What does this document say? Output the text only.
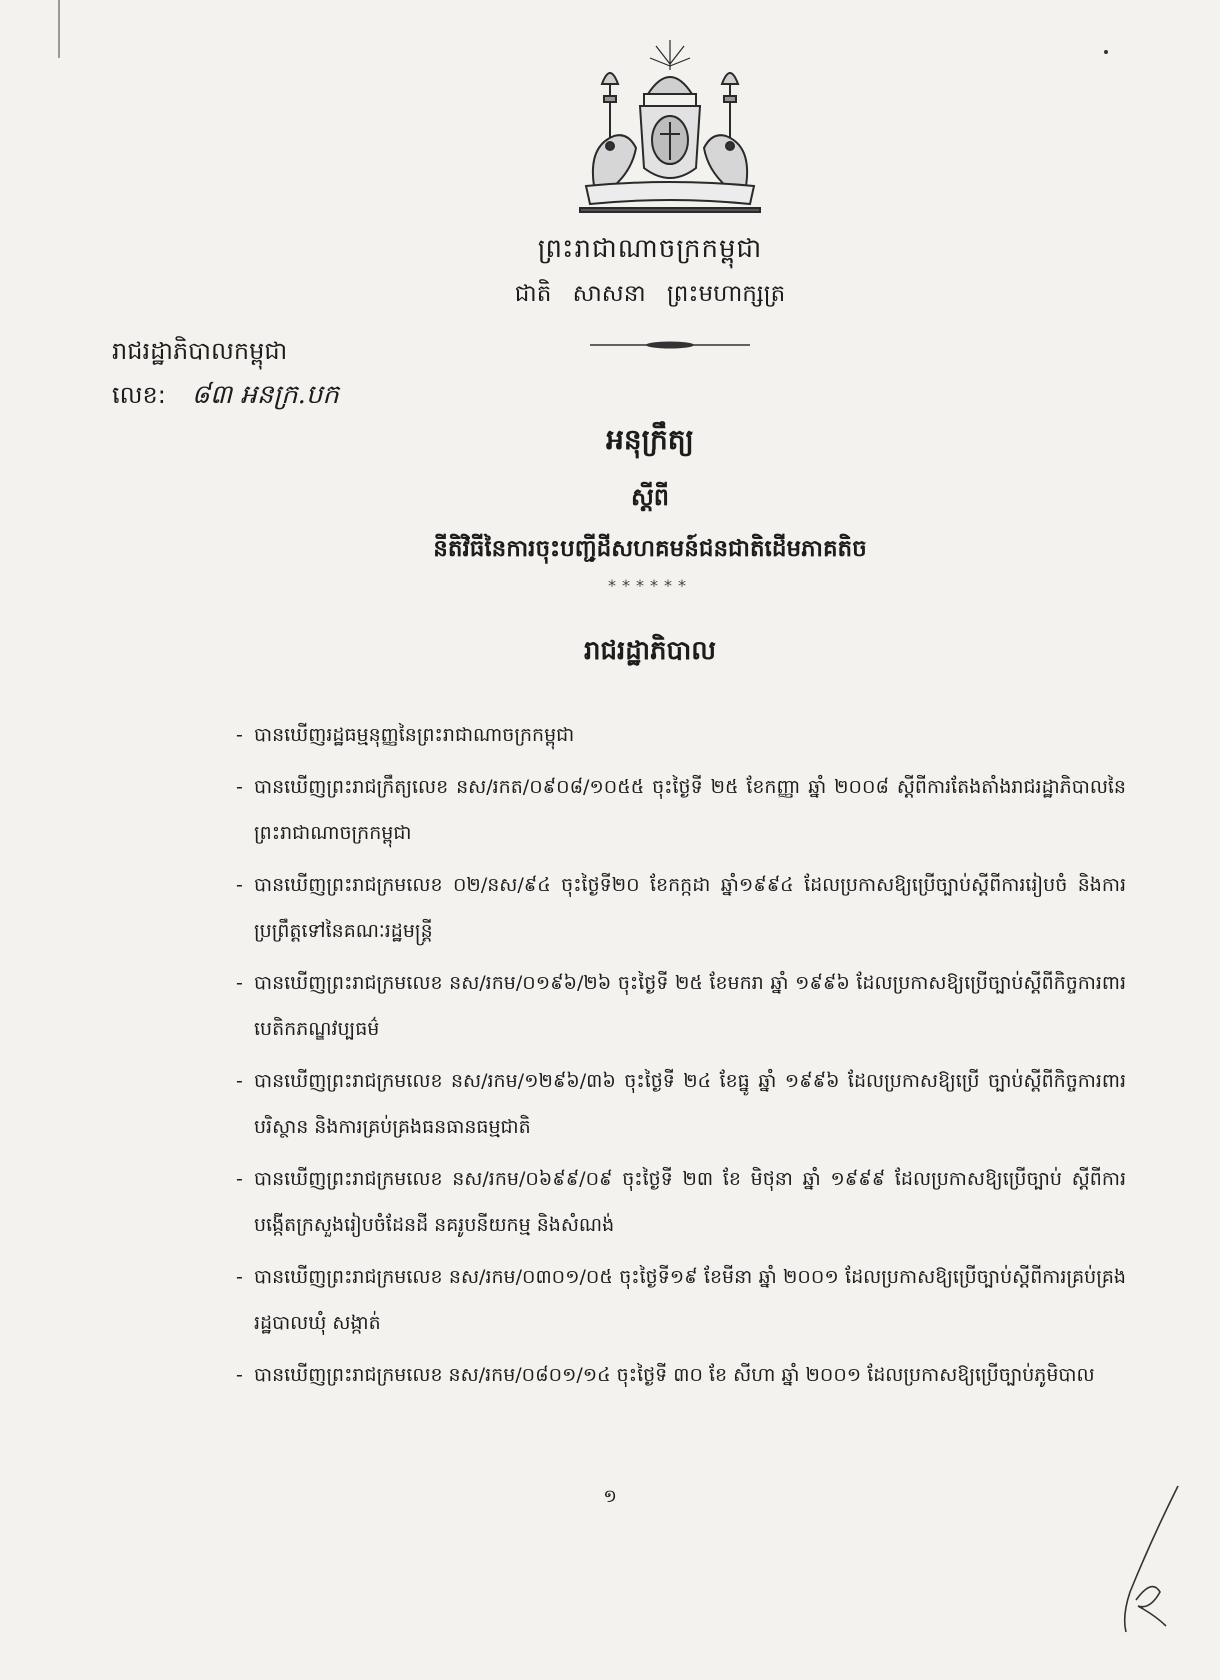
ព្រះរាជាណាចក្រកម្ពុជា
ជាតិ សាសនា ព្រះមហាក្សត្រ
រាជរដ្ឋាភិបាលកម្ពុជា
លេខ: ៨៣ អនក្រ.បក
អនុក្រឹត្យ
ស្តីពី
នីតិវិធីនៃការចុះបញ្ជីដីសហគមន៍ជនជាតិដើមភាគតិច
******
រាជរដ្ឋាភិបាល
- បានឃើញរដ្ឋធម្មនុញ្ញនៃព្រះរាជាណាចក្រកម្ពុជា
- បានឃើញព្រះរាជក្រឹត្យលេខ នស/រកត/០៩០៨/១០៥៥ ចុះថ្ងៃទី ២៥ ខែកញ្ញា ឆ្នាំ ២០០៨ ស្តីពីការតែងតាំងរាជរដ្ឋាភិបាលនៃព្រះរាជាណាចក្រកម្ពុជា
- បានឃើញព្រះរាជក្រមលេខ ០២/នស/៩៤ ចុះថ្ងៃទី២០ ខែកក្កដា ឆ្នាំ១៩៩៤ ដែលប្រកាសឱ្យប្រើច្បាប់ស្តីពីការរៀបចំ និងការប្រព្រឹត្តទៅនៃគណៈរដ្ឋមន្ត្រី
- បានឃើញព្រះរាជក្រមលេខ នស/រកម/០១៩៦/២៦ ចុះថ្ងៃទី ២៥ ខែមករា ឆ្នាំ ១៩៩៦ ដែលប្រកាសឱ្យប្រើច្បាប់ស្តីពីកិច្ចការពារបេតិកភណ្ឌវប្បធម៌
- បានឃើញព្រះរាជក្រមលេខ នស/រកម/១២៩៦/៣៦ ចុះថ្ងៃទី ២៤ ខែធ្នូ ឆ្នាំ ១៩៩៦ ដែលប្រកាសឱ្យប្រើ ច្បាប់ស្តីពីកិច្ចការពារបរិស្ថាន និងការគ្រប់គ្រងធនធានធម្មជាតិ
- បានឃើញព្រះរាជក្រមលេខ នស/រកម/០៦៩៩/០៩ ចុះថ្ងៃទី ២៣ ខែ មិថុនា ឆ្នាំ ១៩៩៩ ដែលប្រកាសឱ្យប្រើច្បាប់ ស្តីពីការបង្កើតក្រសួងរៀបចំដែនដី នគរូបនីយកម្ម និងសំណង់
- បានឃើញព្រះរាជក្រមលេខ នស/រកម/០៣០១/០៥ ចុះថ្ងៃទី១៩ ខែមីនា ឆ្នាំ ២០០១ ដែលប្រកាសឱ្យប្រើច្បាប់ស្តីពីការគ្រប់គ្រងរដ្ឋបាលឃុំ សង្កាត់
- បានឃើញព្រះរាជក្រមលេខ នស/រកម/០៨០១/១៤ ចុះថ្ងៃទី ៣០ ខែ សីហា ឆ្នាំ ២០០១ ដែលប្រកាសឱ្យប្រើច្បាប់ភូមិបាល
១
